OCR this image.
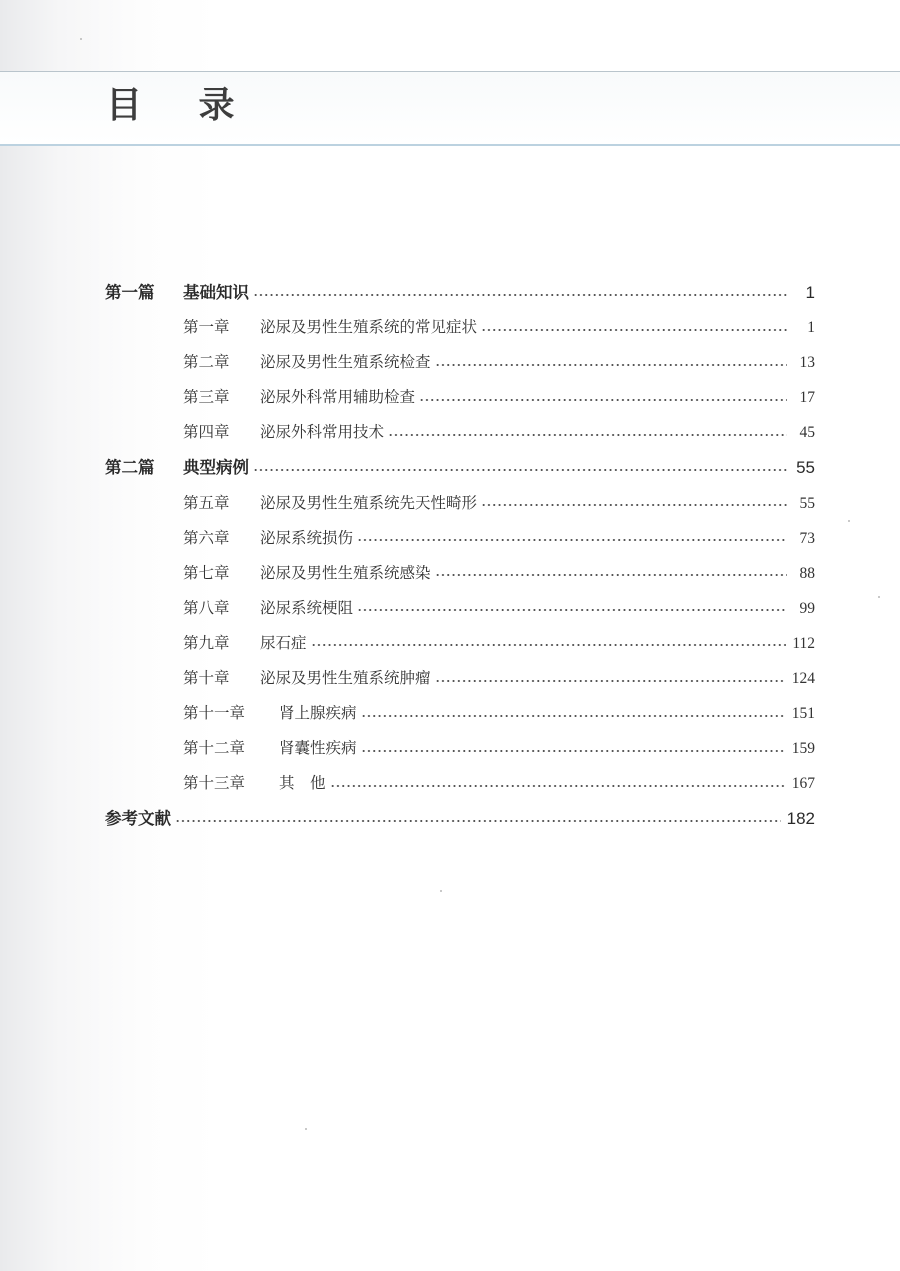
目 录
第一篇	基础知识	1
第一章	泌尿及男性生殖系统的常见症状	1
第二章	泌尿及男性生殖系统检查	13
第三章	泌尿外科常用辅助检查	17
第四章	泌尿外科常用技术	45
第二篇	典型病例	55
第五章	泌尿及男性生殖系统先天性畸形	55
第六章	泌尿系统损伤	73
第七章	泌尿及男性生殖系统感染	88
第八章	泌尿系统梗阻	99
第九章	尿石症	112
第十章	泌尿及男性生殖系统肿瘤	124
第十一章	肾上腺疾病	151
第十二章	肾囊性疾病	159
第十三章	其　他	167
参考文献	182
